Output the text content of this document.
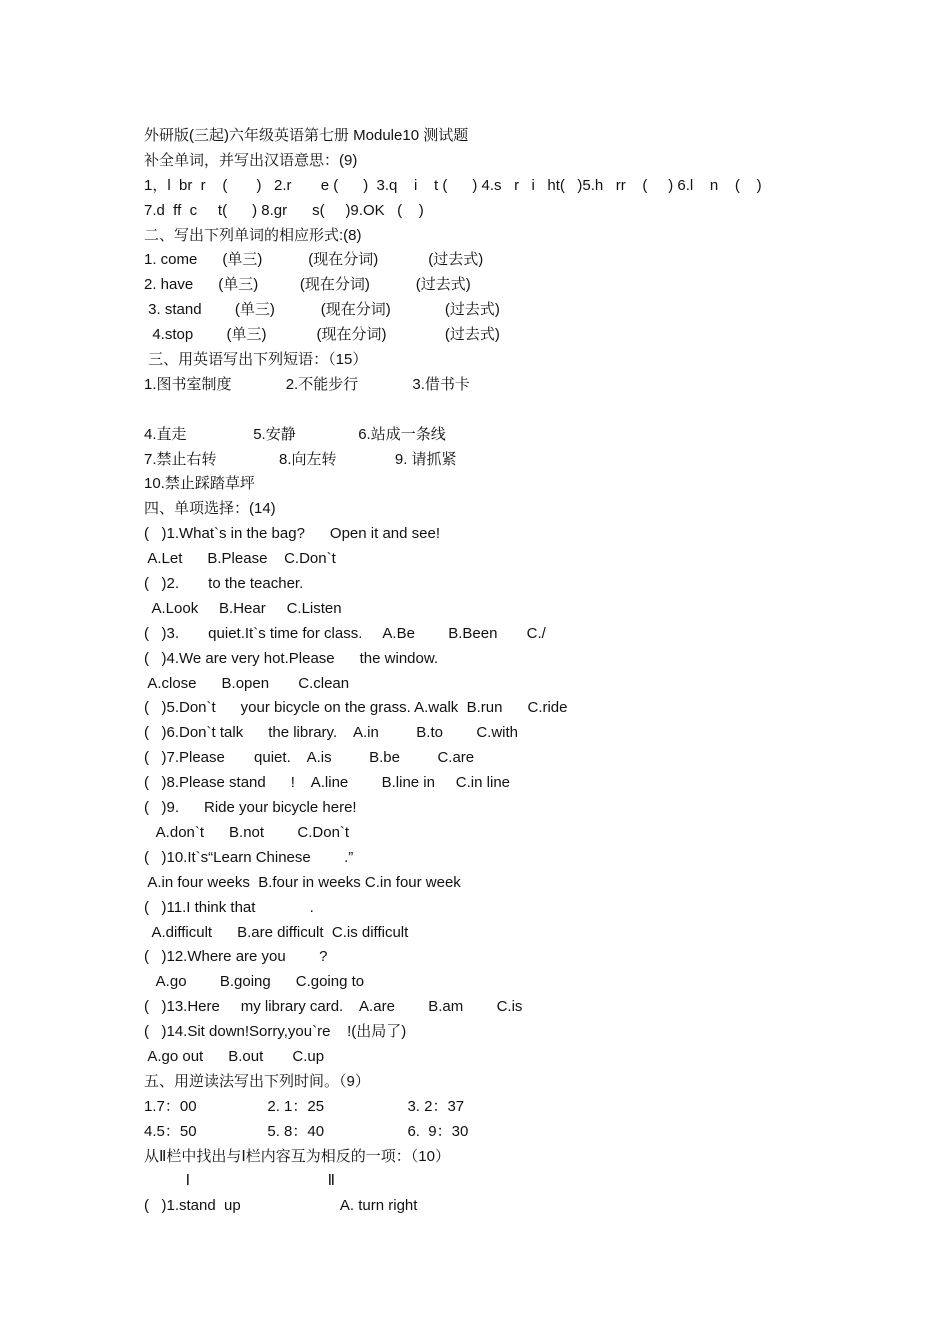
外研版(三起)六年级英语第七册 Module10 测试题
补全单词，并写出汉语意思：(9)
1，l  br  r    (       )   2.r       e (      )  3.q    i    t (      ) 4.s   r   i   ht(   )5.h   rr    (     ) 6.l    n    (    )
7.d  ff  c     t(      ) 8.gr      s(     )9.OK   (    )
二、写出下列单词的相应形式:(8)
1. come      (单三)           (现在分词)            (过去式)
2. have      (单三)          (现在分词)           (过去式)
3. stand        (单三)           (现在分词)             (过去式)
4.stop        (单三)            (现在分词)              (过去式)
三、用英语写出下列短语：（15）
1.图书室制度             2.不能步行             3.借书卡
4.直走                5.安静               6.站成一条线
7.禁止右转               8.向左转              9. 请抓紧
10.禁止踩踏草坪
四、单项选择：(14)
(   )1.What`s in the bag?      Open it and see!
A.Let      B.Please    C.Don`t
(   )2.       to the teacher.
A.Look     B.Hear     C.Listen
(   )3.       quiet.It`s time for class.     A.Be        B.Been       C./
(   )4.We are very hot.Please      the window.
A.close      B.open       C.clean
(   )5.Don`t      your bicycle on the grass. A.walk  B.run      C.ride
(   )6.Don`t talk      the library.    A.in         B.to        C.with
(   )7.Please       quiet.    A.is         B.be         C.are
(   )8.Please stand      !    A.line        B.line in     C.in line
(   )9.      Ride your bicycle here!
A.don`t      B.not        C.Don`t
(   )10.It`s“Learn Chinese        .”
A.in four weeks  B.four in weeks C.in four week
(   )11.I think that             .
A.difficult      B.are difficult  C.is difficult
(   )12.Where are you        ?
A.go        B.going      C.going to
(   )13.Here     my library card.    A.are        B.am        C.is
(   )14.Sit down!Sorry,you`re    !(出局了)
A.go out      B.out       C.up
五、用逆读法写出下列时间。（9）
1.7：00                 2. 1：25                    3. 2：37
4.5：50                 5. 8：40                    6.  9：30
从Ⅱ栏中找出与Ⅰ栏内容互为相反的一项：（10）
Ⅰ                                 Ⅱ
(   )1.stand  up                        A. turn right
